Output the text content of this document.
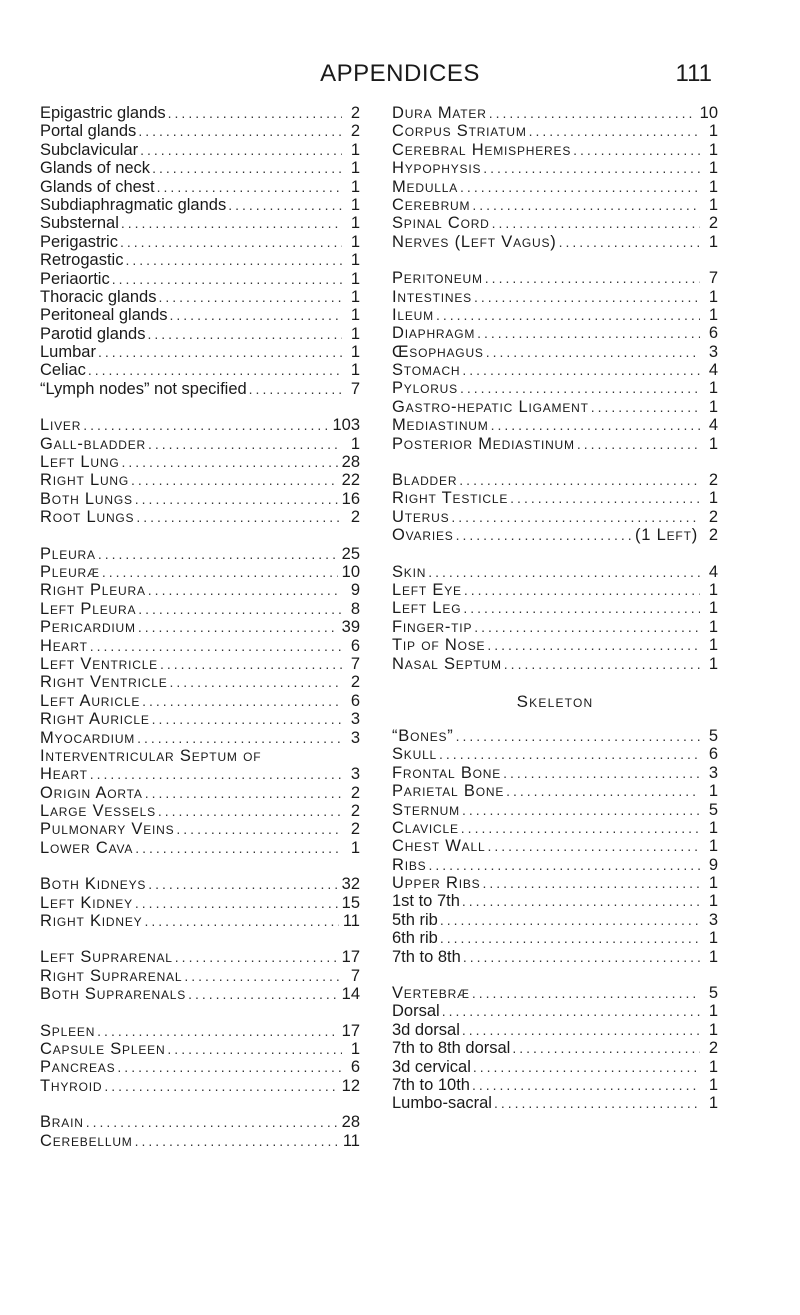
APPENDICES	111
Epigastric glands .....	2
Portal glands .....	2
Subclavicular .....	1
Glands of neck .....	1
Glands of chest .....	1
Subdiaphragmatic glands .....	1
Substernal .....	1
Perigastric .....	1
Retrogastic .....	1
Periaortic .....	1
Thoracic glands .....	1
Peritoneal glands .....	1
Parotid glands .....	1
Lumbar .....	1
Celiac .....	1
“Lymph nodes” not specified .....	7
Liver .....	103
Gall-bladder .....	1
Left Lung .....	28
Right Lung .....	22
Both Lungs .....	16
Root Lungs .....	2
Pleura .....	25
Pleuræ .....	10
Right Pleura .....	9
Left Pleura .....	8
Pericardium .....	39
Heart .....	6
Left Ventricle .....	7
Right Ventricle .....	2
Left Auricle .....	6
Right Auricle .....	3
Myocardium .....	3
Interventricular Septum of
Heart .....	3
Origin Aorta .....	2
Large Vessels .....	2
Pulmonary Veins .....	2
Lower Cava .....	1
Both Kidneys .....	32
Left Kidney .....	15
Right Kidney .....	11
Left Suprarenal .....	17
Right Suprarenal .....	7
Both Suprarenals .....	14
Spleen .....	17
Capsule Spleen .....	1
Pancreas .....	6
Thyroid .....	12
Brain .....	28
Cerebellum .....	11
Dura Mater .....	10
Corpus Striatum .....	1
Cerebral Hemispheres .....	1
Hypophysis .....	1
Medulla .....	1
Cerebrum .....	1
Spinal Cord .....	2
Nerves (Left Vagus) .....	1
Peritoneum .....	7
Intestines .....	1
Ileum .....	1
Diaphragm .....	6
Œsophagus .....	3
Stomach .....	4
Pylorus .....	1
Gastro-hepatic Ligament .....	1
Mediastinum .....	4
Posterior Mediastinum .....	1
Bladder .....	2
Right Testicle .....	1
Uterus .....	2
Ovaries .....	(1 Left) 2
Skin .....	4
Left Eye .....	1
Left Leg .....	1
Finger-tip .....	1
Tip of Nose .....	1
Nasal Septum .....	1
Skeleton
“Bones” .....	5
Skull .....	6
Frontal Bone .....	3
Parietal Bone .....	1
Sternum .....	5
Clavicle .....	1
Chest Wall .....	1
Ribs .....	9
Upper Ribs .....	1
1st to 7th .....	1
5th rib .....	3
6th rib .....	1
7th to 8th .....	1
Vertebræ .....	5
Dorsal .....	1
3d dorsal .....	1
7th to 8th dorsal .....	2
3d cervical .....	1
7th to 10th .....	1
Lumbo-sacral .....	1
